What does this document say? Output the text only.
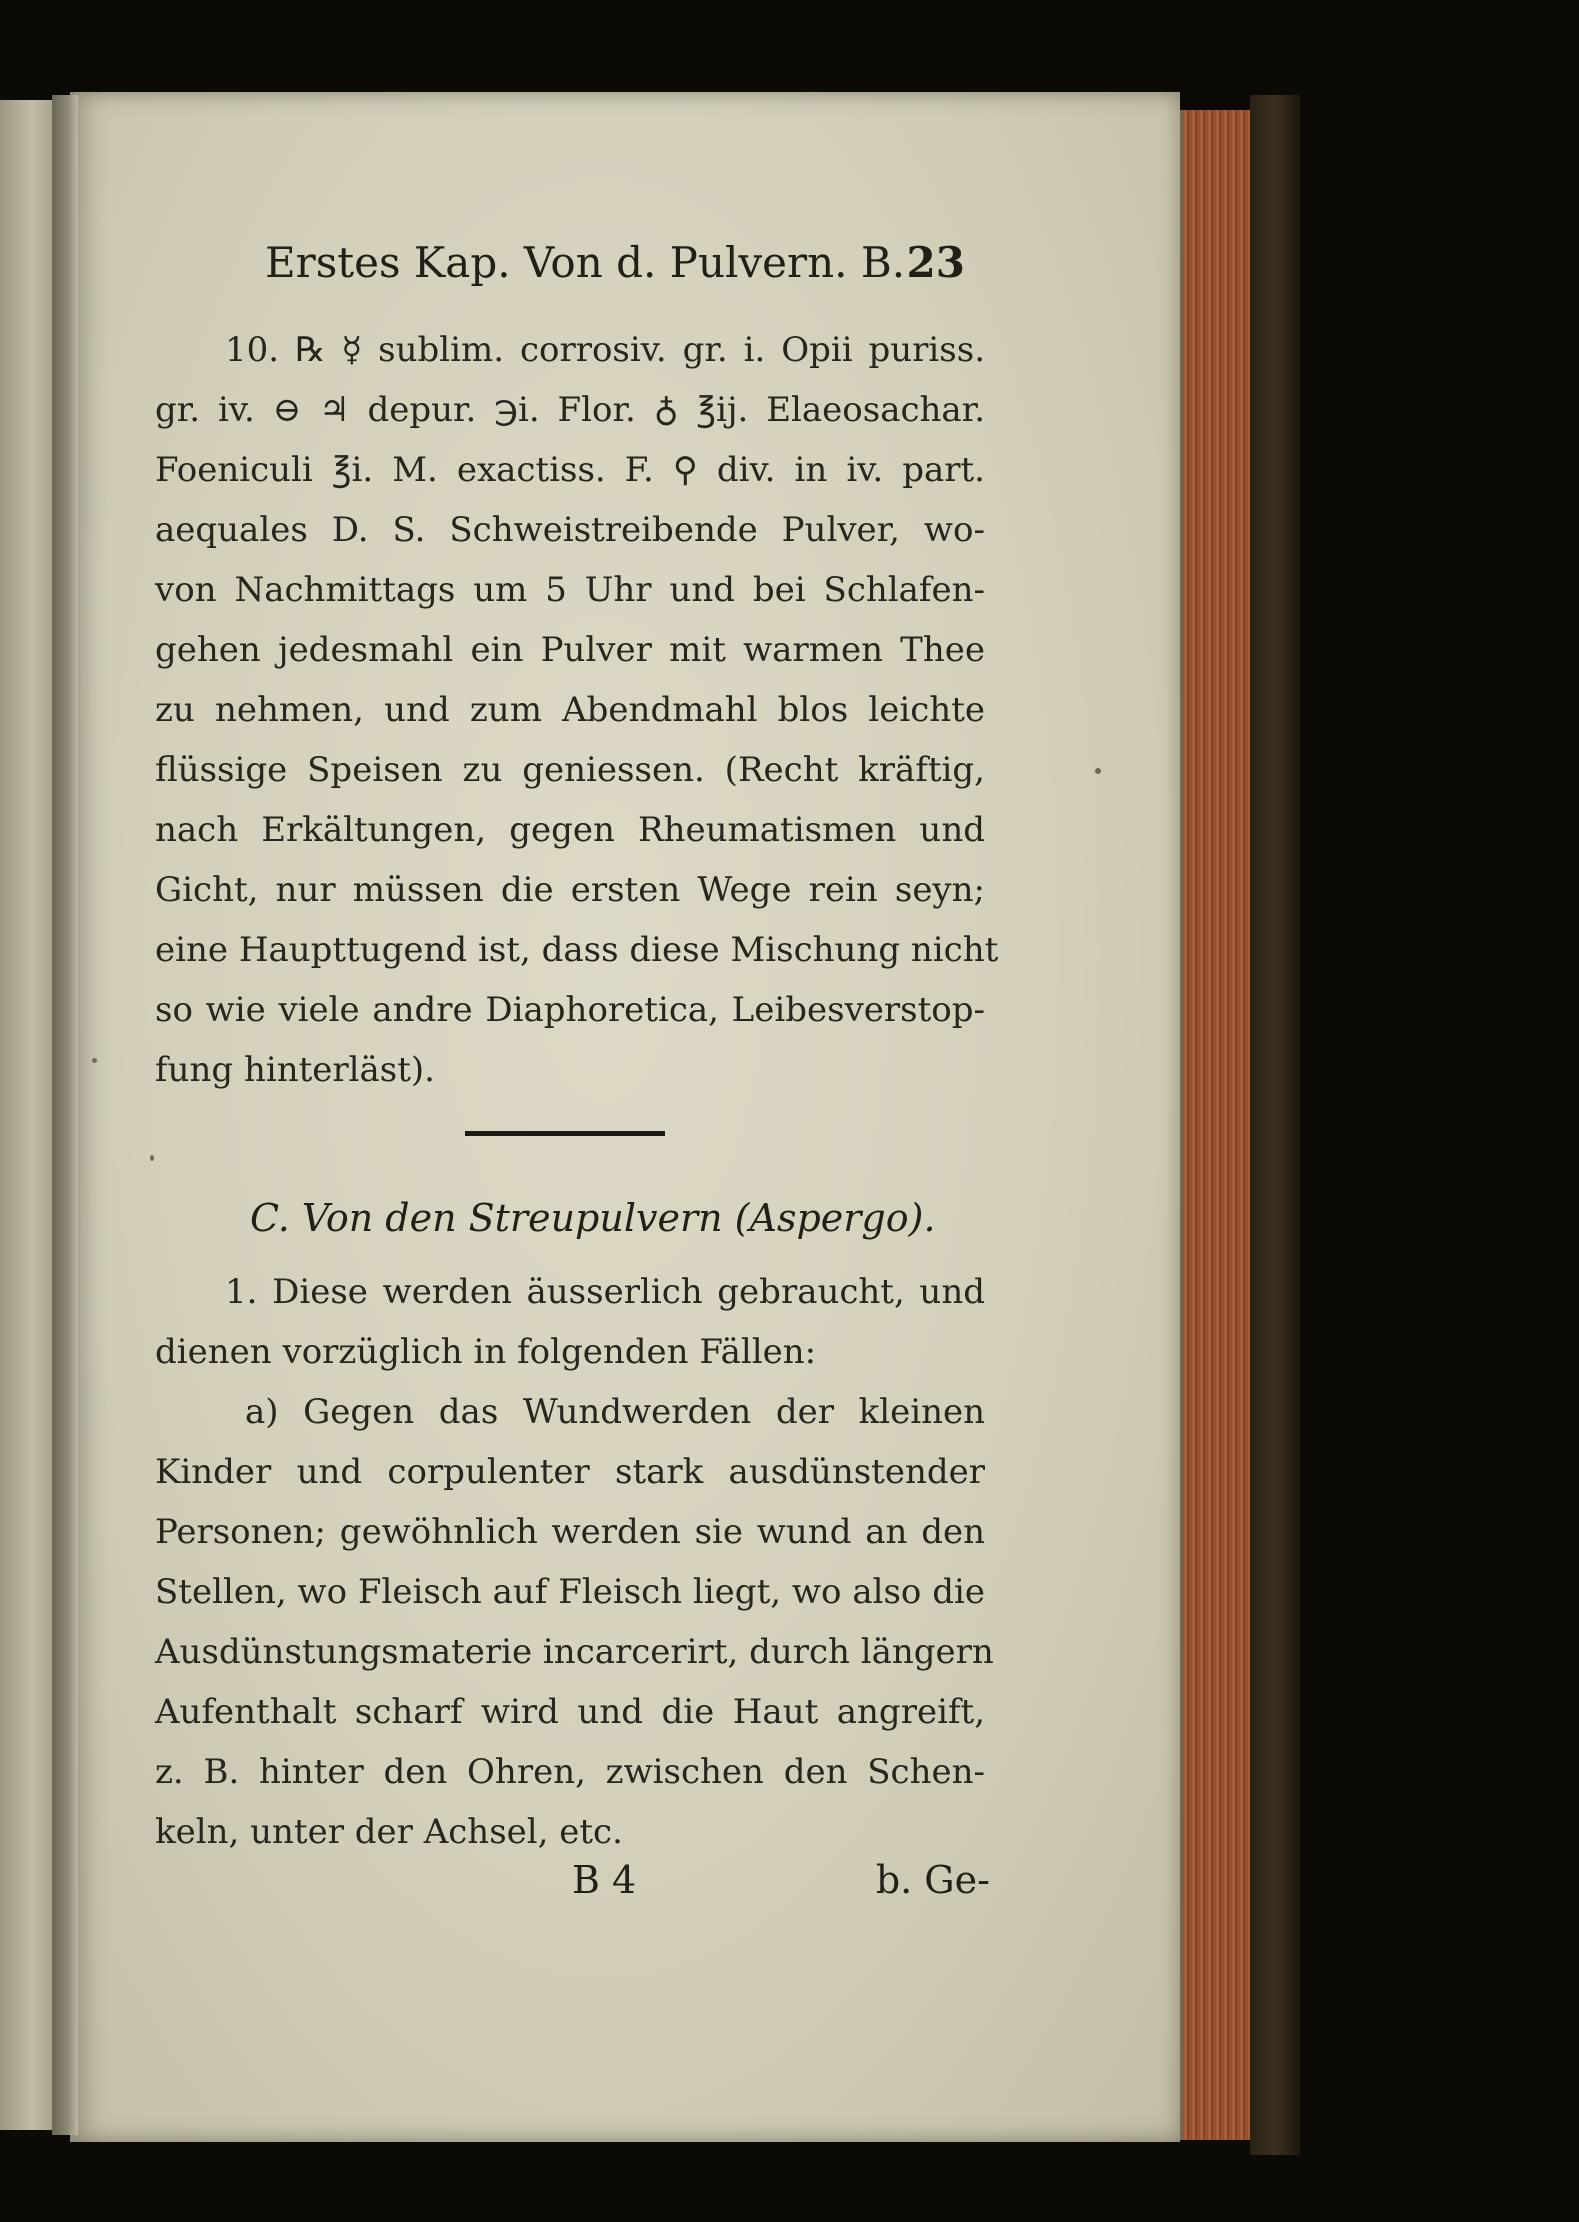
Erstes Kap. Von d. Pulvern. B. 23
10. ℞ ☿ sublim. corrosiv. gr. i. Opii puriss.
gr. iv. ⊖ ♃ depur. ℈i. Flor. ♁ ℥ij. Elaeosachar.
Foeniculi ℥i. M. exactiss. F. ⚲ div. in iv. part.
aequales D. S. Schweistreibende Pulver, wo-
von Nachmittags um 5 Uhr und bei Schlafen-
gehen jedesmahl ein Pulver mit warmen Thee
zu nehmen, und zum Abendmahl blos leichte
flüssige Speisen zu geniessen. (Recht kräftig,
nach Erkältungen, gegen Rheumatismen und
Gicht, nur müssen die ersten Wege rein seyn;
eine Haupttugend ist, dass diese Mischung nicht
so wie viele andre Diaphoretica, Leibesverstop-
fung hinterläst).
C. Von den Streupulvern (Aspergo).
1. Diese werden äusserlich gebraucht, und
dienen vorzüglich in folgenden Fällen:
a) Gegen das Wundwerden der kleinen
Kinder und corpulenter stark ausdünstender
Personen; gewöhnlich werden sie wund an den
Stellen, wo Fleisch auf Fleisch liegt, wo also die
Ausdünstungsmaterie incarcerirt, durch längern
Aufenthalt scharf wird und die Haut angreift,
z. B. hinter den Ohren, zwischen den Schen-
keln, unter der Achsel, etc.
B 4	b. Ge-
